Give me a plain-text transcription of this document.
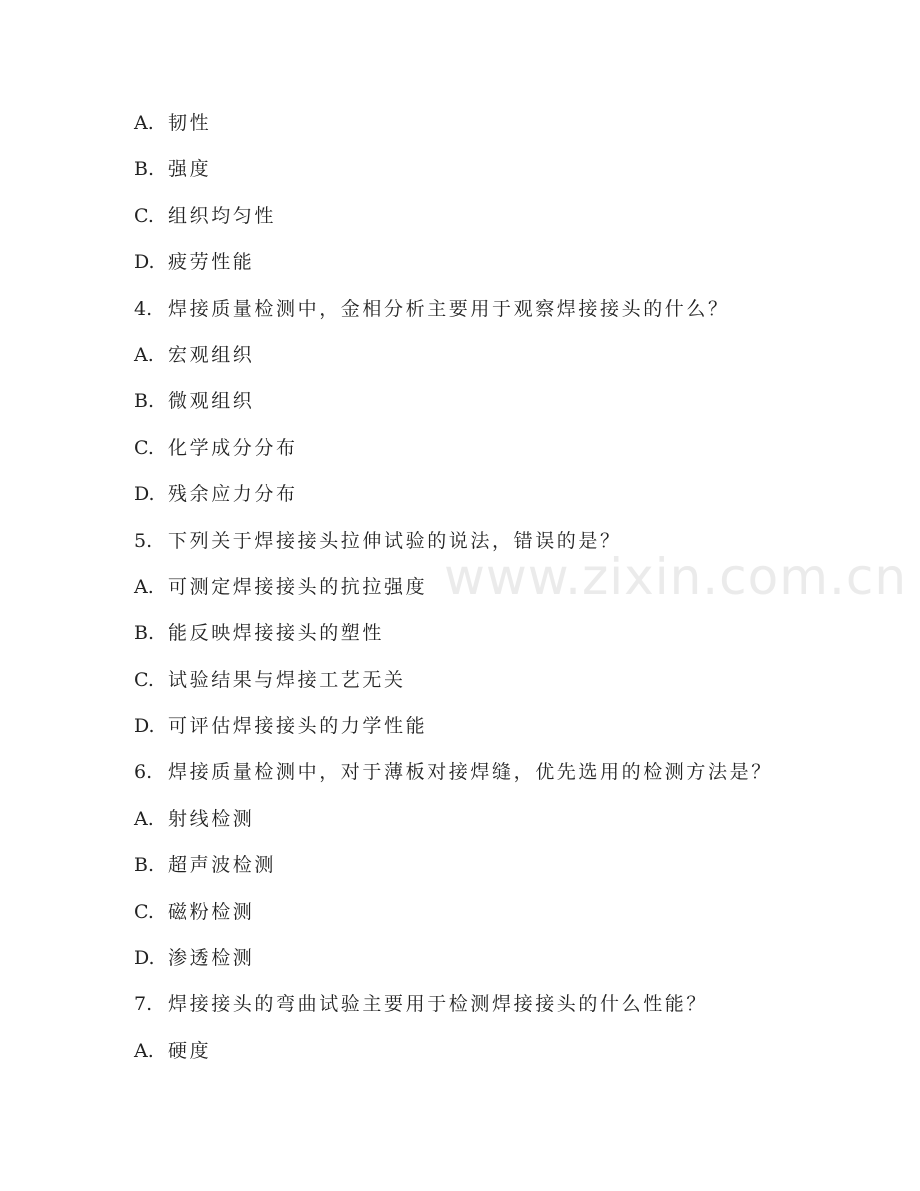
A. 韧性
B. 强度
C. 组织均匀性
D. 疲劳性能
4. 焊接质量检测中，金相分析主要用于观察焊接接头的什么？
A. 宏观组织
B. 微观组织
C. 化学成分分布
D. 残余应力分布
5. 下列关于焊接接头拉伸试验的说法，错误的是？
A. 可测定焊接接头的抗拉强度
B. 能反映焊接接头的塑性
C. 试验结果与焊接工艺无关
D. 可评估焊接接头的力学性能
6. 焊接质量检测中，对于薄板对接焊缝，优先选用的检测方法是？
A. 射线检测
B. 超声波检测
C. 磁粉检测
D. 渗透检测
7. 焊接接头的弯曲试验主要用于检测焊接接头的什么性能？
A. 硬度
www.zixin.com.cn
